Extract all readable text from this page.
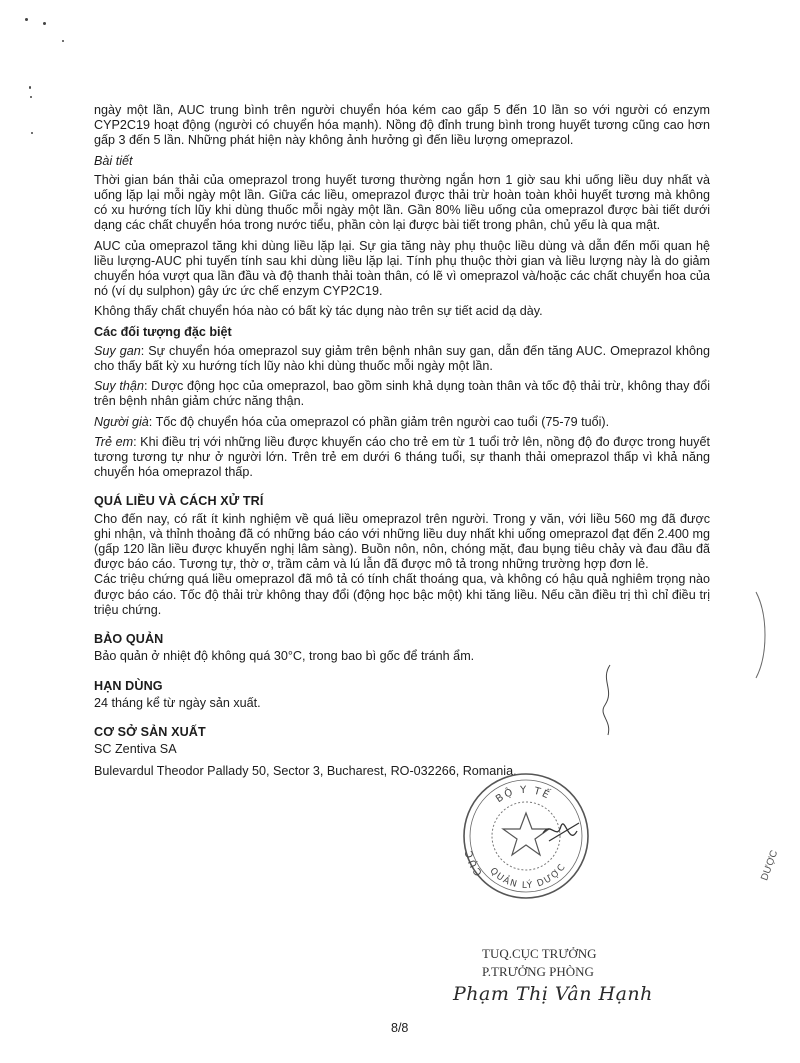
ngày một lần, AUC trung bình trên người chuyển hóa kém cao gấp 5 đến 10 lần so với người có enzym CYP2C19 hoạt động (người có chuyển hóa mạnh). Nồng độ đỉnh trung bình trong huyết tương cũng cao hơn gấp 3 đến 5 lần. Những phát hiện này không ảnh hưởng gì đến liều lượng omeprazol.

Bài tiết

Thời gian bán thải của omeprazol trong huyết tương thường ngắn hơn 1 giờ sau khi uống liều duy nhất và uống lặp lại mỗi ngày một lần. Giữa các liều, omeprazol được thải trừ hoàn toàn khỏi huyết tương mà không có xu hướng tích lũy khi dùng thuốc mỗi ngày một lần. Gần 80% liều uống của omeprazol được bài tiết dưới dạng các chất chuyển hóa trong nước tiểu, phần còn lại được bài tiết trong phân, chủ yếu là qua mật.

AUC của omeprazol tăng khi dùng liều lặp lại. Sự gia tăng này phụ thuộc liều dùng và dẫn đến mối quan hệ liều lượng-AUC phi tuyến tính sau khi dùng liều lặp lại. Tính phụ thuộc thời gian và liều lượng này là do giảm chuyển hóa vượt qua lần đầu và độ thanh thải toàn thân, có lẽ vì omeprazol và/hoặc các chất chuyển hoa của nó (ví dụ sulphon) gây ức ức chế enzym CYP2C19.

Không thấy chất chuyển hóa nào có bất kỳ tác dụng nào trên sự tiết acid dạ dày.

Các đối tượng đặc biệt

Suy gan: Sự chuyển hóa omeprazol suy giảm trên bệnh nhân suy gan, dẫn đến tăng AUC. Omeprazol không cho thấy bất kỳ xu hướng tích lũy nào khi dùng thuốc mỗi ngày một lần.

Suy thận: Dược động học của omeprazol, bao gồm sinh khả dụng toàn thân và tốc độ thải trừ, không thay đổi trên bệnh nhân giảm chức năng thận.

Người già: Tốc độ chuyển hóa của omeprazol có phần giảm trên người cao tuổi (75-79 tuổi).

Trẻ em: Khi điều trị với những liều được khuyến cáo cho trẻ em từ 1 tuổi trở lên, nồng độ đo được trong huyết tương tương tự như ở người lớn. Trên trẻ em dưới 6 tháng tuổi, sự thanh thải omeprazol thấp vì khả năng chuyển hóa omeprazol thấp.

QUÁ LIỀU VÀ CÁCH XỬ TRÍ

Cho đến nay, có rất ít kinh nghiệm về quá liều omeprazol trên người. Trong y văn, với liều 560 mg đã được ghi nhận, và thỉnh thoảng đã có những báo cáo với những liều duy nhất khi uống omeprazol đạt đến 2.400 mg (gấp 120 lần liều được khuyến nghị lâm sàng). Buồn nôn, nôn, chóng mặt, đau bụng tiêu chảy và đau đầu đã được báo cáo. Tương tự, thờ ơ, trầm cảm và lú lẫn đã được mô tả trong những trường hợp đơn lẻ.

Các triệu chứng quá liều omeprazol đã mô tả có tính chất thoáng qua, và không có hậu quả nghiêm trọng nào được báo cáo. Tốc độ thải trừ không thay đổi (động học bậc một) khi tăng liều. Nếu cần điều trị thì chỉ điều trị triệu chứng.

BẢO QUẢN

Bảo quản ở nhiệt độ không quá 30°C, trong bao bì gốc để tránh ẩm.

HẠN DÙNG

24 tháng kể từ ngày sản xuất.

CƠ SỞ SẢN XUẤT

SC Zentiva SA

Bulevardul Theodor Pallady 50, Sector 3, Bucharest, RO-032266, Romania.

BỘ Y TẾ
CỤC
QUẢN LÝ DƯỢC	DƯỢC
TUQ.CỤC TRƯỞNG
P.TRƯỞNG PHÒNG
Phạm Thị Vân Hạnh
8/8
